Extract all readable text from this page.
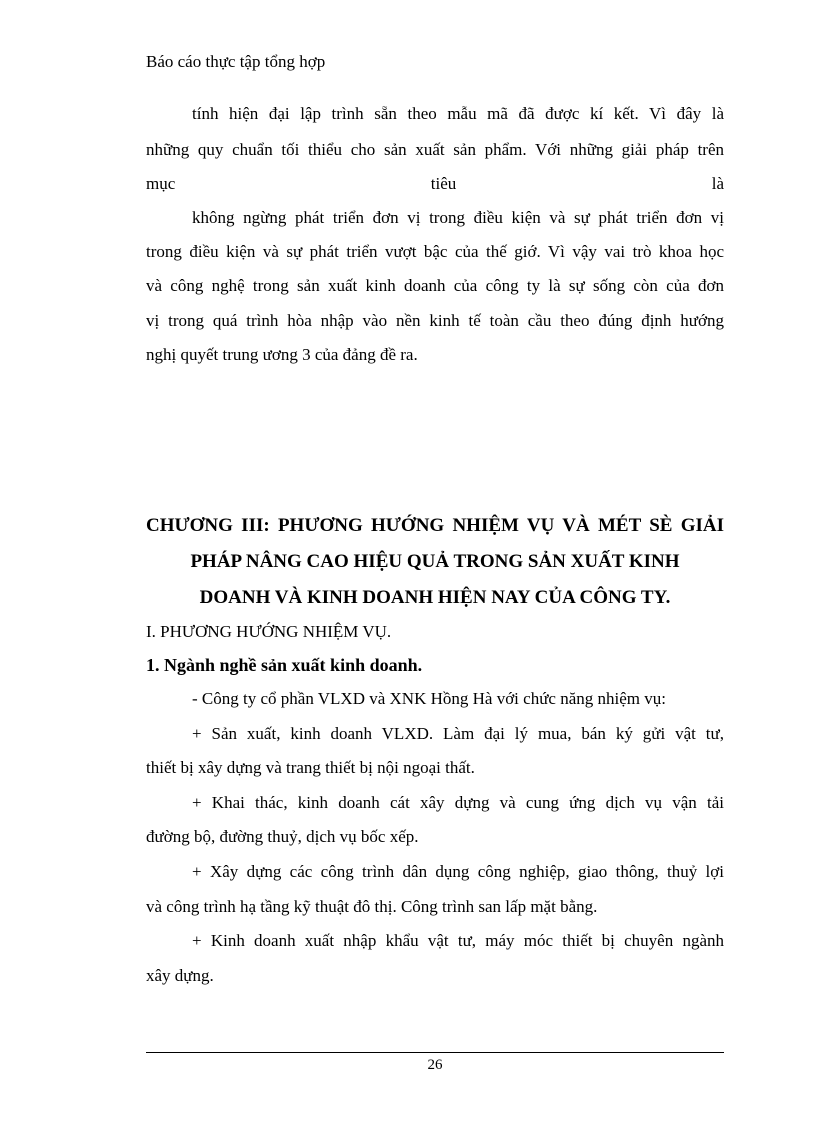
Báo cáo thực tập tổng hợp
tính hiện đại lập trình sẵn theo mẫu mã đã được kí kết. Vì đây là
những quy chuẩn tối thiểu cho sản xuất sản phẩm. Với những giải pháp trên
mục tiêu là
không ngừng phát triển đơn vị trong điều kiện và sự phát triển đơn vị
trong điều kiện và sự phát triển vượt bậc của thế giớ. Vì vậy vai trò khoa học
và công nghệ trong sản xuất kinh doanh của công ty là sự sống còn của đơn
vị trong quá trình hòa nhập vào nền kinh tế toàn cầu theo đúng định hướng
nghị quyết trung ương 3 của đảng đề ra.
CHƯƠNG III: PHƯƠNG HƯỚNG NHIỆM VỤ VÀ MÉT SÈ GIẢI
PHÁP NÂNG CAO HIỆU QUẢ TRONG SẢN XUẤT KINH
DOANH VÀ KINH DOANH HIỆN NAY CỦA CÔNG TY.
I. PHƯƠNG HƯỚNG NHIỆM VỤ.
1. Ngành nghề sản xuất kinh doanh.
- Công ty cổ phần VLXD và XNK Hồng Hà với chức năng nhiệm vụ:
+ Sản xuất, kinh doanh VLXD. Làm đại lý mua, bán ký gửi vật tư,
thiết bị xây dựng và trang thiết bị nội ngoại thất.
+ Khai thác, kinh doanh cát xây dựng và cung ứng dịch vụ vận tải
đường bộ, đường thuỷ, dịch vụ bốc xếp.
+ Xây dựng các công trình dân dụng công nghiệp, giao thông, thuỷ lợi
và công trình hạ tầng kỹ thuật đô thị. Công trình san lấp mặt bằng.
+ Kinh doanh xuất nhập khẩu vật tư, máy móc thiết bị chuyên ngành
xây dựng.
26
